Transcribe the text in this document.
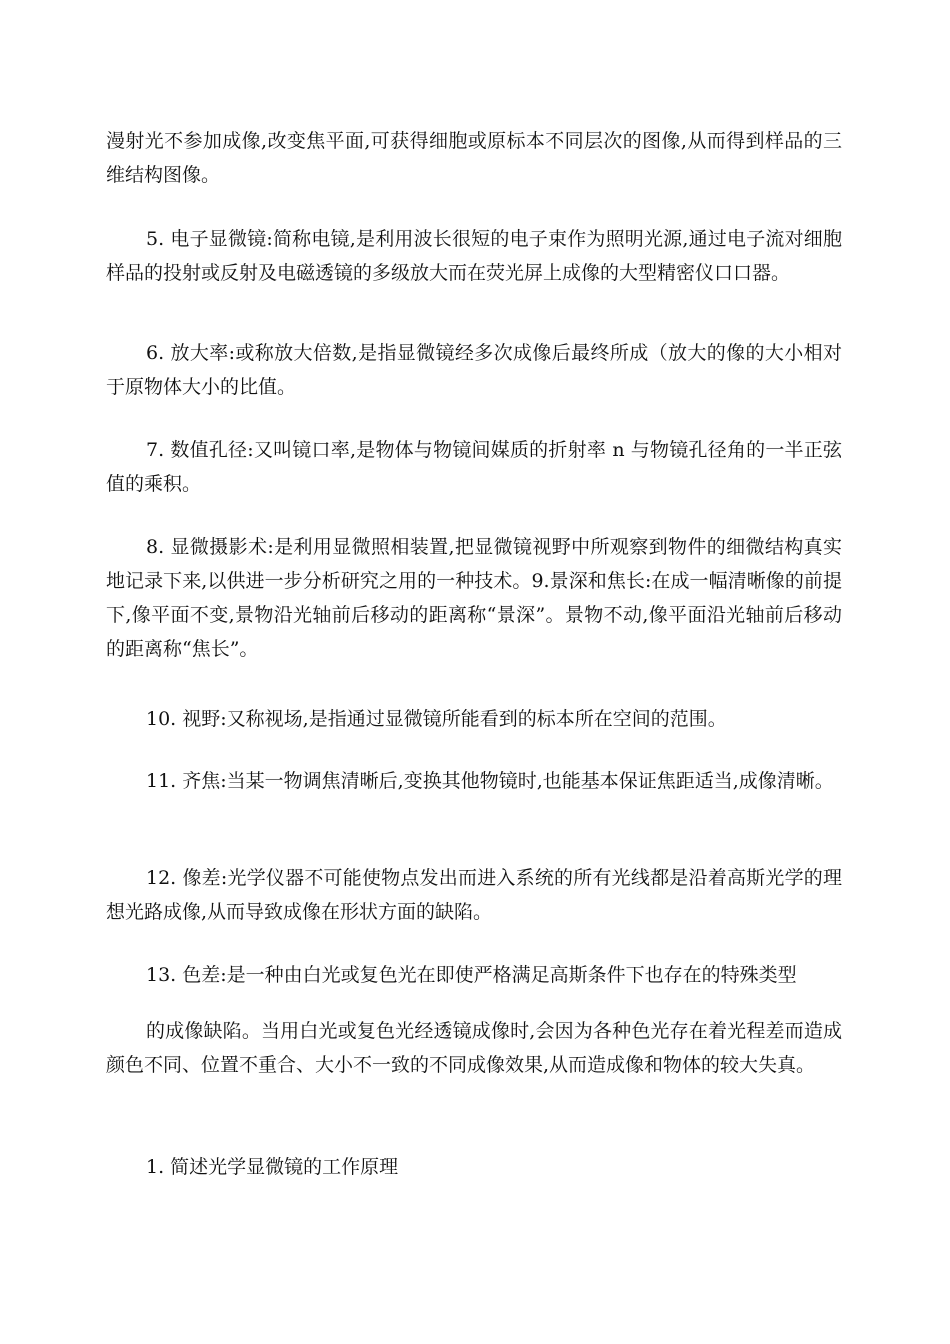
漫射光不参加成像,改变焦平面,可获得细胞或原标本不同层次的图像,从而得到样品的三维结构图像。

5. 电子显微镜:简称电镜,是利用波长很短的电子束作为照明光源,通过电子流对细胞样品的投射或反射及电磁透镜的多级放大而在荧光屏上成像的大型精密仪口口器。

6. 放大率:或称放大倍数,是指显微镜经多次成像后最终所成（放大的像的大小相对于原物体大小的比值。

7. 数值孔径:又叫镜口率,是物体与物镜间媒质的折射率 n 与物镜孔径角的一半正弦值的乘积。

8. 显微摄影术:是利用显微照相装置,把显微镜视野中所观察到物件的细微结构真实地记录下来,以供进一步分析研究之用的一种技术。9.景深和焦长:在成一幅清晰像的前提下,像平面不变,景物沿光轴前后移动的距离称“景深”。景物不动,像平面沿光轴前后移动的距离称“焦长”。

10. 视野:又称视场,是指通过显微镜所能看到的标本所在空间的范围。

11. 齐焦:当某一物调焦清晰后,变换其他物镜时,也能基本保证焦距适当,成像清晰。

12. 像差:光学仪器不可能使物点发出而进入系统的所有光线都是沿着高斯光学的理想光路成像,从而导致成像在形状方面的缺陷。

13. 色差:是一种由白光或复色光在即使严格满足高斯条件下也存在的特殊类型

的成像缺陷。当用白光或复色光经透镜成像时,会因为各种色光存在着光程差而造成颜色不同、位置不重合、大小不一致的不同成像效果,从而造成像和物体的较大失真。

1. 简述光学显微镜的工作原理
